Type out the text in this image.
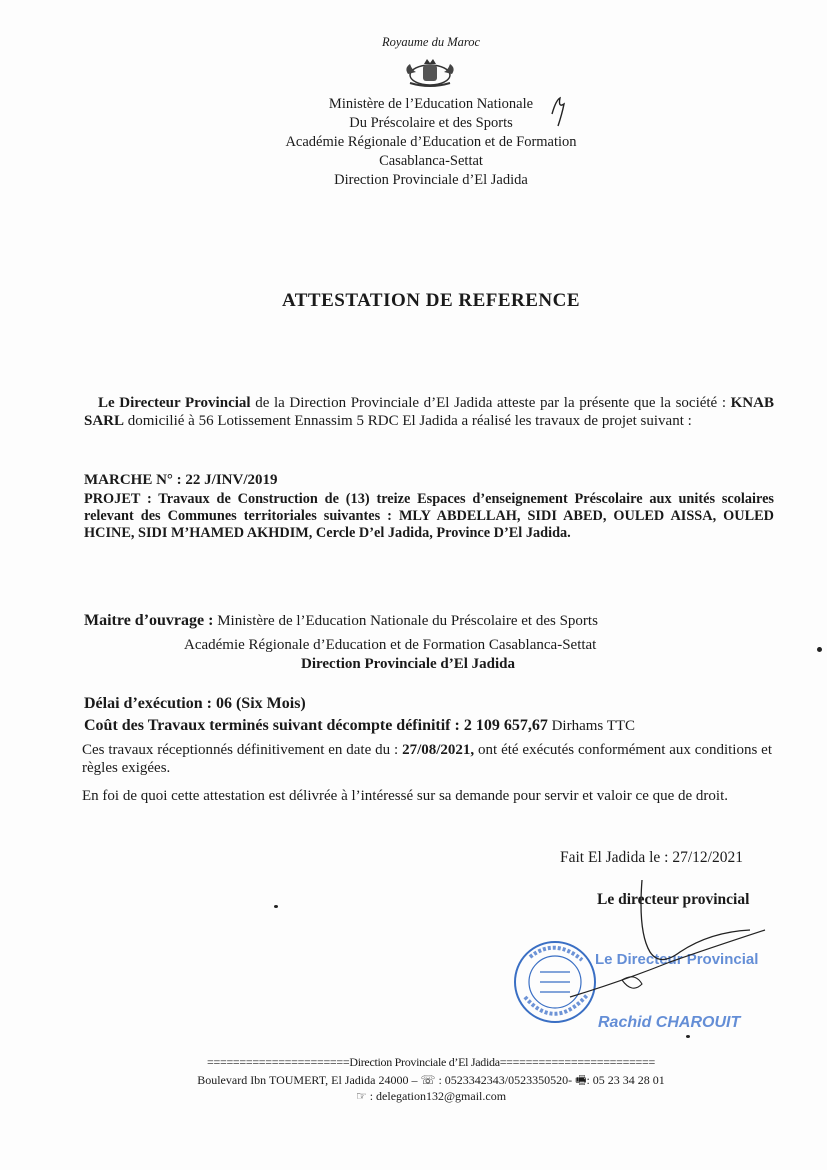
Royaume du Maroc
Ministère de l’Education Nationale
Du Préscolaire et des Sports
Académie Régionale d’Education et de Formation
Casablanca-Settat
Direction Provinciale d’El Jadida
ATTESTATION DE REFERENCE
Le Directeur Provincial de la Direction Provinciale d’El Jadida atteste par la présente que la société : KNAB SARL domicilié à 56 Lotissement Ennassim 5 RDC El Jadida a réalisé les travaux de projet suivant :
MARCHE N° : 22 J/INV/2019
PROJET : Travaux de Construction de (13) treize Espaces d’enseignement Préscolaire aux unités scolaires relevant des Communes territoriales suivantes : MLY ABDELLAH, SIDI ABED, OULED AISSA, OULED HCINE, SIDI M’HAMED AKHDIM, Cercle D’el Jadida, Province D’El Jadida.
Maitre d’ouvrage : Ministère de l’Education Nationale du Préscolaire et des Sports
Académie Régionale d’Education et de Formation Casablanca-Settat
Direction Provinciale d’El Jadida
Délai d’exécution : 06 (Six Mois)
Coût des Travaux terminés suivant décompte définitif : 2 109 657,67 Dirhams TTC
Ces travaux réceptionnés définitivement en date du : 27/08/2021, ont été exécutés conformément aux conditions et règles exigées.
En foi de quoi cette attestation est délivrée à l’intéressé sur sa demande pour servir et valoir ce que de droit.
Fait El Jadida le : 27/12/2021
Le directeur provincial
Le Directeur Provincial
Rachid CHAROUIT
======================Direction Provinciale d’El Jadida========================
Boulevard Ibn TOUMERT, El Jadida 24000 – ☏ : 0523342343/0523350520- 🖷: 05 23 34 28 01
☞ : delegation132@gmail.com
